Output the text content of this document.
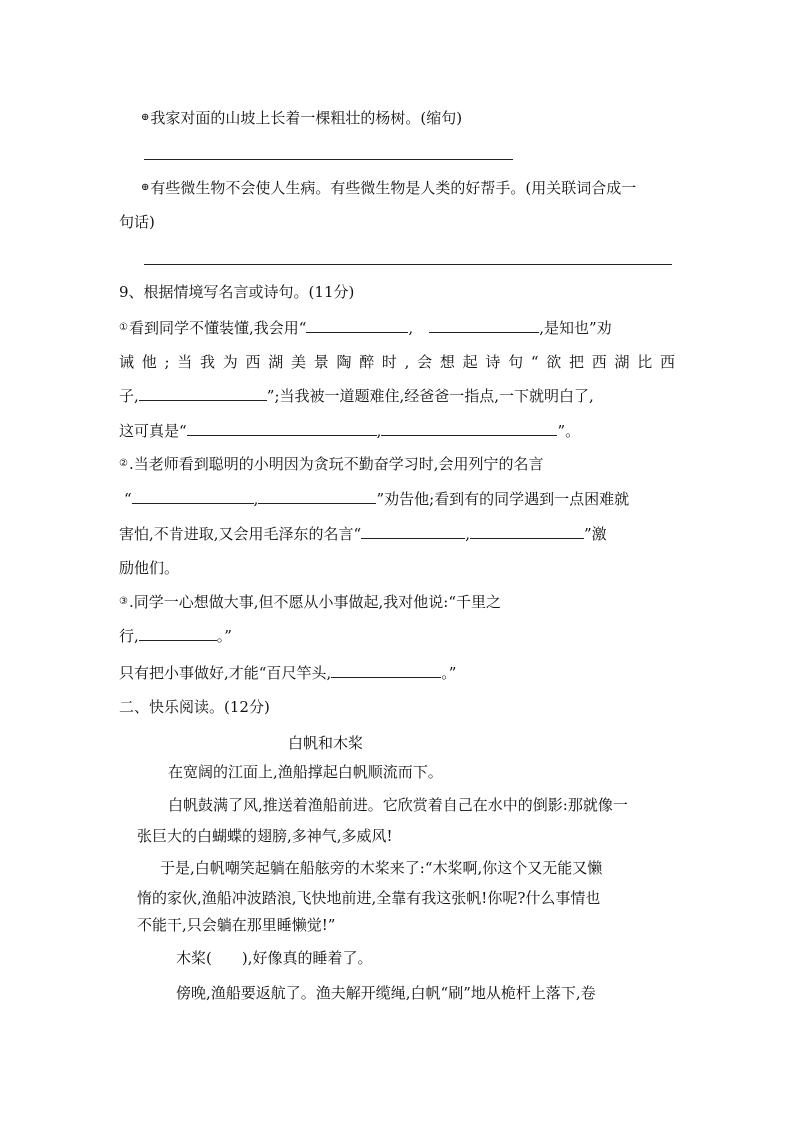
⊕我家对面的山坡上长着一棵粗壮的杨树。(缩句)
⊕有些微生物不会使人生病。有些微生物是人类的好帮手。(用关联词合成一
句话)
9、根据情境写名言或诗句。(11分)
①看到同学不懂装懂,我会用“	,	,是知也”劝
诫他;当我为西湖美景陶醉时,会想起诗句“欲把西湖比西
子,	”;当我被一道题难住,经爸爸一指点,一下就明白了,
这可真是“	,	”。
②.当老师看到聪明的小明因为贪玩不勤奋学习时,会用列宁的名言
“	,	”劝告他;看到有的同学遇到一点困难就
害怕,不肯进取,又会用毛泽东的名言“	,	”激
励他们。
③.同学一心想做大事,但不愿从小事做起,我对他说:“千里之
行,	。”
只有把小事做好,才能“百尺竿头,	。”
二、快乐阅读。(12分)
白帆和木桨
在宽阔的江面上,渔船撑起白帆顺流而下。
白帆鼓满了风,推送着渔船前进。它欣赏着自己在水中的倒影:那就像一
张巨大的白蝴蝶的翅膀,多神气,多威风!
于是,白帆嘲笑起躺在船舷旁的木桨来了:“木桨啊,你这个又无能又懒
惰的家伙,渔船冲波踏浪,飞快地前进,全靠有我这张帆!你呢?什么事情也
不能干,只会躺在那里睡懒觉!”
木桨( ),好像真的睡着了。
傍晚,渔船要返航了。渔夫解开缆绳,白帆“刷”地从桅杆上落下,卷
